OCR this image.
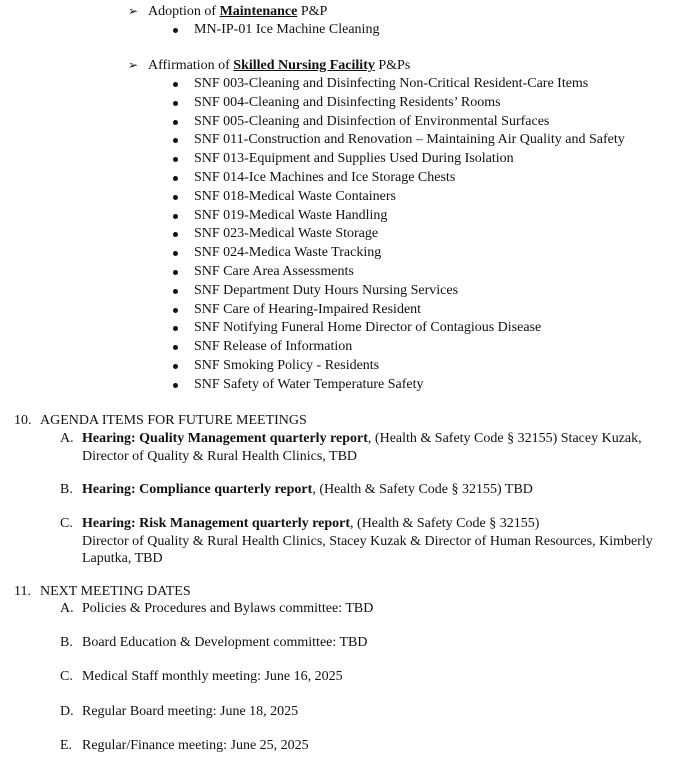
➢ Adoption of Maintenance P&P
MN-IP-01 Ice Machine Cleaning
➢ Affirmation of Skilled Nursing Facility P&Ps
SNF 003-Cleaning and Disinfecting Non-Critical Resident-Care Items
SNF 004-Cleaning and Disinfecting Residents’ Rooms
SNF 005-Cleaning and Disinfection of Environmental Surfaces
SNF 011-Construction and Renovation – Maintaining Air Quality and Safety
SNF 013-Equipment and Supplies Used During Isolation
SNF 014-Ice Machines and Ice Storage Chests
SNF 018-Medical Waste Containers
SNF 019-Medical Waste Handling
SNF 023-Medical Waste Storage
SNF 024-Medica Waste Tracking
SNF Care Area Assessments
SNF Department Duty Hours Nursing Services
SNF Care of Hearing-Impaired Resident
SNF Notifying Funeral Home Director of Contagious Disease
SNF Release of Information
SNF Smoking Policy - Residents
SNF Safety of Water Temperature Safety
10. AGENDA ITEMS FOR FUTURE MEETINGS
A. Hearing: Quality Management quarterly report, (Health & Safety Code § 32155) Stacey Kuzak,
Director of Quality & Rural Health Clinics, TBD
B. Hearing: Compliance quarterly report, (Health & Safety Code § 32155) TBD
C. Hearing: Risk Management quarterly report, (Health & Safety Code § 32155)
Director of Quality & Rural Health Clinics, Stacey Kuzak & Director of Human Resources, Kimberly
Laputka, TBD
11. NEXT MEETING DATES
A. Policies & Procedures and Bylaws committee: TBD
B. Board Education & Development committee: TBD
C. Medical Staff monthly meeting: June 16, 2025
D. Regular Board meeting: June 18, 2025
E. Regular/Finance meeting: June 25, 2025
